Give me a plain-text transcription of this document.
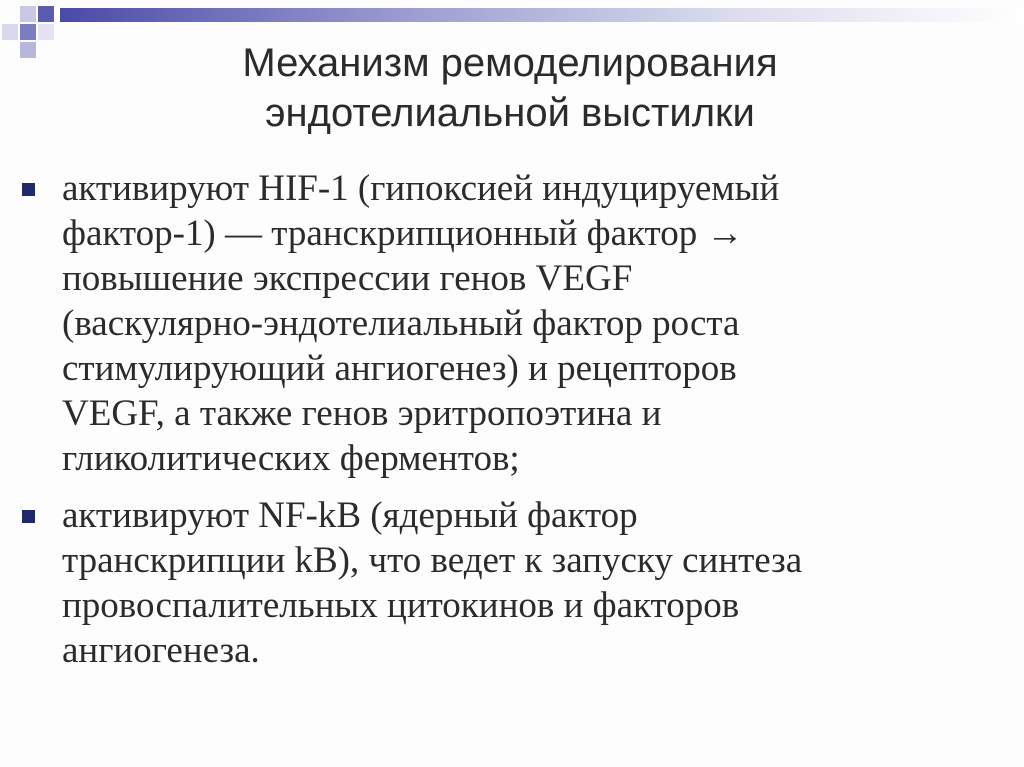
Механизм ремоделирования
эндотелиальной выстилки
активируют HIF-1 (гипоксией индуцируемый
фактор-1) — транскрипционный фактор →
повышение экспрессии генов VEGF
(васкулярно-эндотелиальный фактор роста
стимулирующий ангиогенез) и рецепторов
VEGF, а также генов эритропоэтина и
гликолитических ферментов;
активируют NF-kB (ядерный фактор
транскрипции kB), что ведет к запуску синтеза
провоспалительных цитокинов и факторов
ангиогенеза.
